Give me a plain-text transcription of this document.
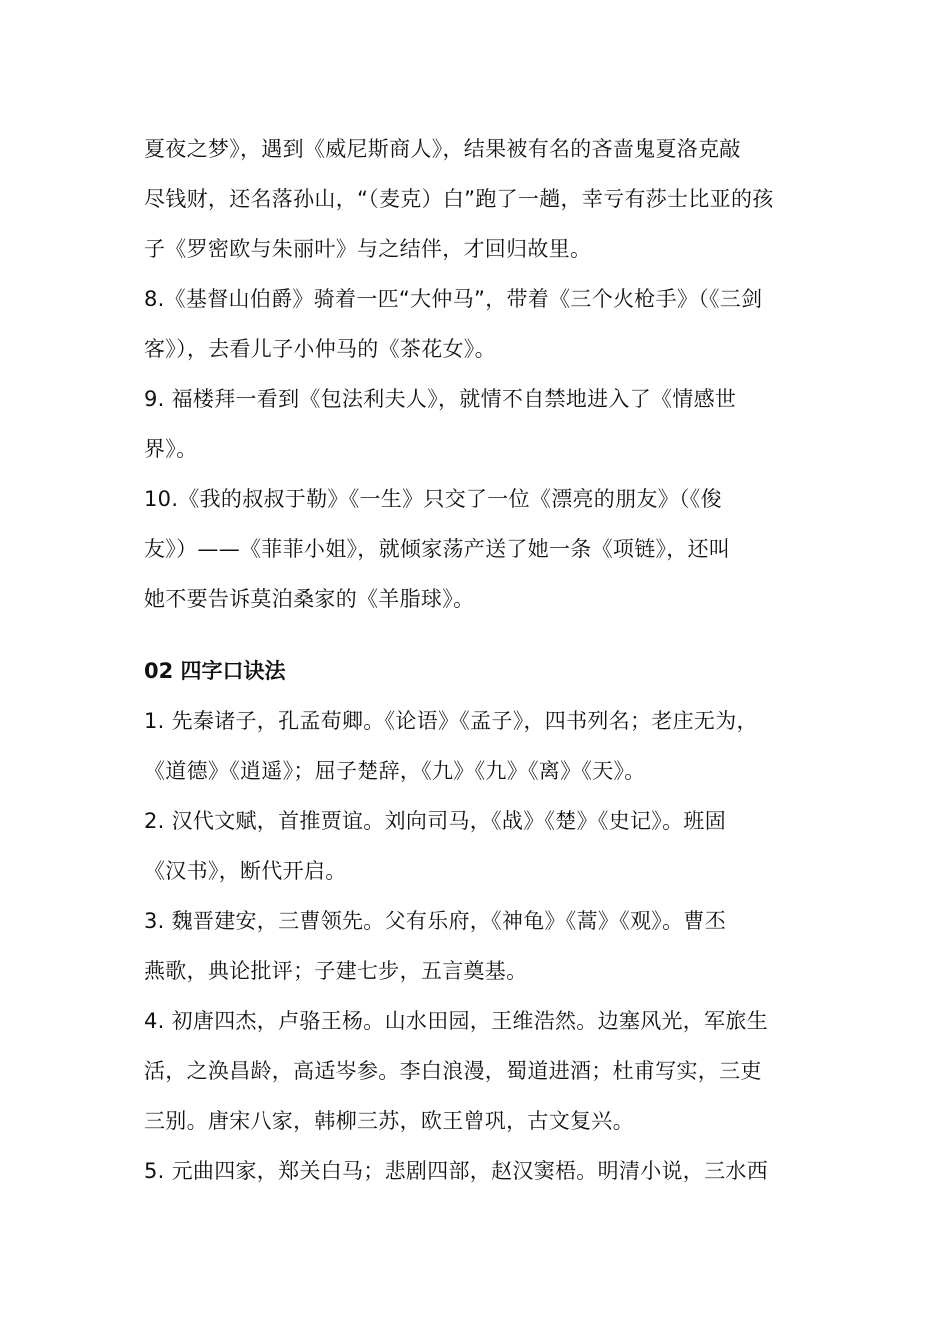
夏夜之梦》，遇到《威尼斯商人》，结果被有名的吝啬鬼夏洛克敲
尽钱财，还名落孙山，“（麦克）白”跑了一趟，幸亏有莎士比亚的孩
子《罗密欧与朱丽叶》与之结伴，才回归故里。
8.《基督山伯爵》骑着一匹“大仲马”，带着《三个火枪手》（《三剑
客》），去看儿子小仲马的《茶花女》。
9. 福楼拜一看到《包法利夫人》，就情不自禁地进入了《情感世
界》。
10.《我的叔叔于勒》《一生》只交了一位《漂亮的朋友》（《俊
友》）——《菲菲小姐》，就倾家荡产送了她一条《项链》，还叫
她不要告诉莫泊桑家的《羊脂球》。
02 四字口诀法
1. 先秦诸子，孔孟荀卿。《论语》《孟子》，四书列名；老庄无为，
《道德》《逍遥》；屈子楚辞，《九》《九》《离》《天》。
2. 汉代文赋，首推贾谊。刘向司马，《战》《楚》《史记》。班固
《汉书》，断代开启。
3. 魏晋建安，三曹领先。父有乐府，《神龟》《蒿》《观》。曹丕
燕歌，典论批评；子建七步，五言奠基。
4. 初唐四杰，卢骆王杨。山水田园，王维浩然。边塞风光，军旅生
活，之涣昌龄，高适岑参。李白浪漫，蜀道进酒；杜甫写实，三吏
三别。唐宋八家，韩柳三苏，欧王曾巩，古文复兴。
5. 元曲四家，郑关白马；悲剧四部，赵汉窦梧。明清小说，三水西
